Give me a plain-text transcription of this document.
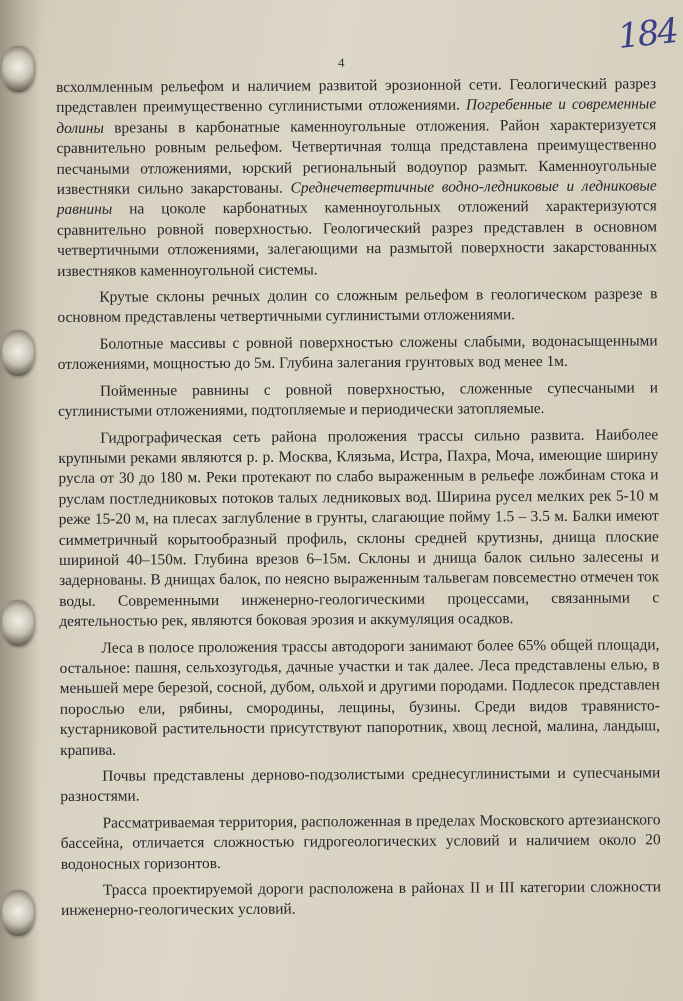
4
184

всхолмленным рельефом и наличием развитой эрозионной сети. Геологический разрез представлен преимущественно суглинистыми отложениями. Погребенные и современные долины врезаны в карбонатные каменноугольные отложения. Район характеризуется сравнительно ровным рельефом. Четвертичная толща представлена преимущественно песчаными отложениями, юрский региональный водоупор размыт. Каменноугольные известняки сильно закарстованы. Среднечетвертичные водно-ледниковые и ледниковые равнины на цоколе карбонатных каменноугольных отложений характеризуются сравнительно ровной поверхностью. Геологический разрез представлен в основном четвертичными отложениями, залегающими на размытой поверхности закарстованных известняков каменноугольной системы.

Крутые склоны речных долин со сложным рельефом в геологическом разрезе в основном представлены четвертичными суглинистыми отложениями.

Болотные массивы с ровной поверхностью сложены слабыми, водонасыщенными отложениями, мощностью до 5м. Глубина залегания грунтовых вод менее 1м.

Пойменные равнины с ровной поверхностью, сложенные супесчаными и суглинистыми отложениями, подтопляемые и периодически затопляемые.

Гидрографическая сеть района проложения трассы сильно развита. Наиболее крупными реками являются р. р. Москва, Клязьма, Истра, Пахра, Моча, имеющие ширину русла от 30 до 180 м. Реки протекают по слабо выраженным в рельефе ложбинам стока и руслам постледниковых потоков талых ледниковых вод. Ширина русел мелких рек 5-10 м реже 15-20 м, на плесах заглубление в грунты, слагающие пойму 1.5 – 3.5 м. Балки имеют симметричный корытообразный профиль, склоны средней крутизны, днища плоские шириной 40–150м. Глубина врезов 6–15м. Склоны и днища балок сильно залесены и задернованы. В днищах балок, по неясно выраженным тальвегам повсеместно отмечен ток воды. Современными инженерно-геологическими процессами, связанными с деятельностью рек, являются боковая эрозия и аккумуляция осадков.

Леса в полосе проложения трассы автодороги занимают более 65% общей площади, остальное: пашня, сельхозугодья, дачные участки и так далее. Леса представлены елью, в меньшей мере березой, сосной, дубом, ольхой и другими породами. Подлесок представлен порослью ели, рябины, смородины, лещины, бузины. Среди видов травянисто-кустарниковой растительности присутствуют папоротник, хвощ лесной, малина, ландыш, крапива.

Почвы представлены дерново-подзолистыми среднесуглинистыми и супесчаными разностями.

Рассматриваемая территория, расположенная в пределах Московского артезианского бассейна, отличается сложностью гидрогеологических условий и наличием около 20 водоносных горизонтов.

Трасса проектируемой дороги расположена в районах II и III категории сложности инженерно-геологических условий.
